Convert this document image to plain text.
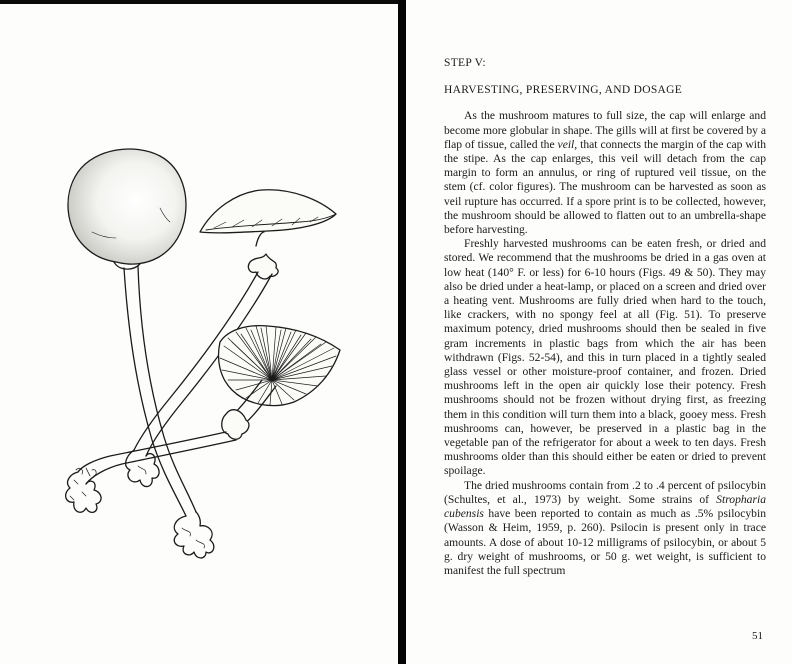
STEP V:
HARVESTING, PRESERVING, AND DOSAGE

As the mushroom matures to full size, the cap will enlarge and become more globular in shape. The gills will at first be covered by a flap of tissue, called the veil, that connects the margin of the cap with the stipe. As the cap enlarges, this veil will detach from the cap margin to form an annulus, or ring of ruptured veil tissue, on the stem (cf. color figures). The mushroom can be harvested as soon as veil rupture has occurred. If a spore print is to be collected, however, the mushroom should be allowed to flatten out to an umbrella-shape before harvesting.

Freshly harvested mushrooms can be eaten fresh, or dried and stored. We recommend that the mushrooms be dried in a gas oven at low heat (140° F. or less) for 6-10 hours (Figs. 49 & 50). They may also be dried under a heat-lamp, or placed on a screen and dried over a heating vent. Mushrooms are fully dried when hard to the touch, like crackers, with no spongy feel at all (Fig. 51). To preserve maximum potency, dried mushrooms should then be sealed in five gram increments in plastic bags from which the air has been withdrawn (Figs. 52-54), and this in turn placed in a tightly sealed glass vessel or other moisture-proof container, and frozen. Dried mushrooms left in the open air quickly lose their potency. Fresh mushrooms should not be frozen without drying first, as freezing them in this condition will turn them into a black, gooey mess. Fresh mushrooms can, however, be preserved in a plastic bag in the vegetable pan of the refrigerator for about a week to ten days. Fresh mushrooms older than this should either be eaten or dried to prevent spoilage.

The dried mushrooms contain from .2 to .4 percent of psilocybin (Schultes, et al., 1973) by weight. Some strains of Stropharia cubensis have been reported to contain as much as .5% psilocybin (Wasson & Heim, 1959, p. 260). Psilocin is present only in trace amounts. A dose of about 10-12 milligrams of psilocybin, or about 5 g. dry weight of mushrooms, or 50 g. wet weight, is sufficient to manifest the full spectrum

51
